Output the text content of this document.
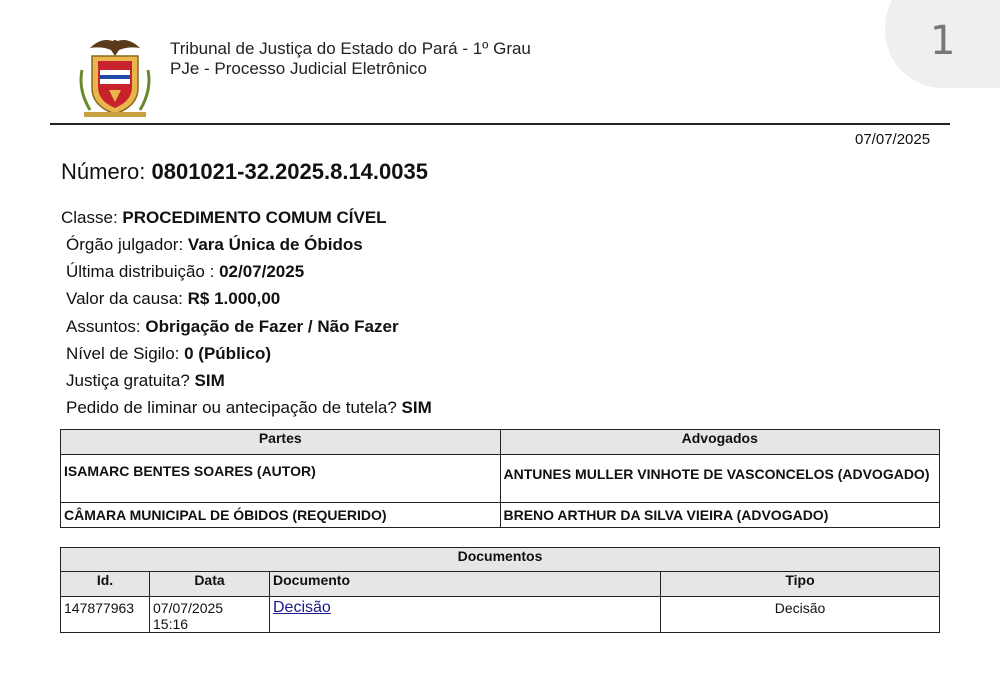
1
Tribunal de Justiça do Estado do Pará - 1º Grau
PJe - Processo Judicial Eletrônico
07/07/2025
Número: 0801021-32.2025.8.14.0035
Classe: PROCEDIMENTO COMUM CÍVEL
Órgão julgador: Vara Única de Óbidos
Última distribuição : 02/07/2025
Valor da causa: R$ 1.000,00
Assuntos: Obrigação de Fazer / Não Fazer
Nível de Sigilo: 0 (Público)
Justiça gratuita? SIM
Pedido de liminar ou antecipação de tutela? SIM
Partes	Advogados
ISAMARC BENTES SOARES (AUTOR)	ANTUNES MULLER VINHOTE DE VASCONCELOS (ADVOGADO)
CÂMARA MUNICIPAL DE ÓBIDOS (REQUERIDO)	BRENO ARTHUR DA SILVA VIEIRA (ADVOGADO)
Documentos			
Id.	Data	Documento	Tipo
147877963	07/07/2025 15:16	Decisão	Decisão
